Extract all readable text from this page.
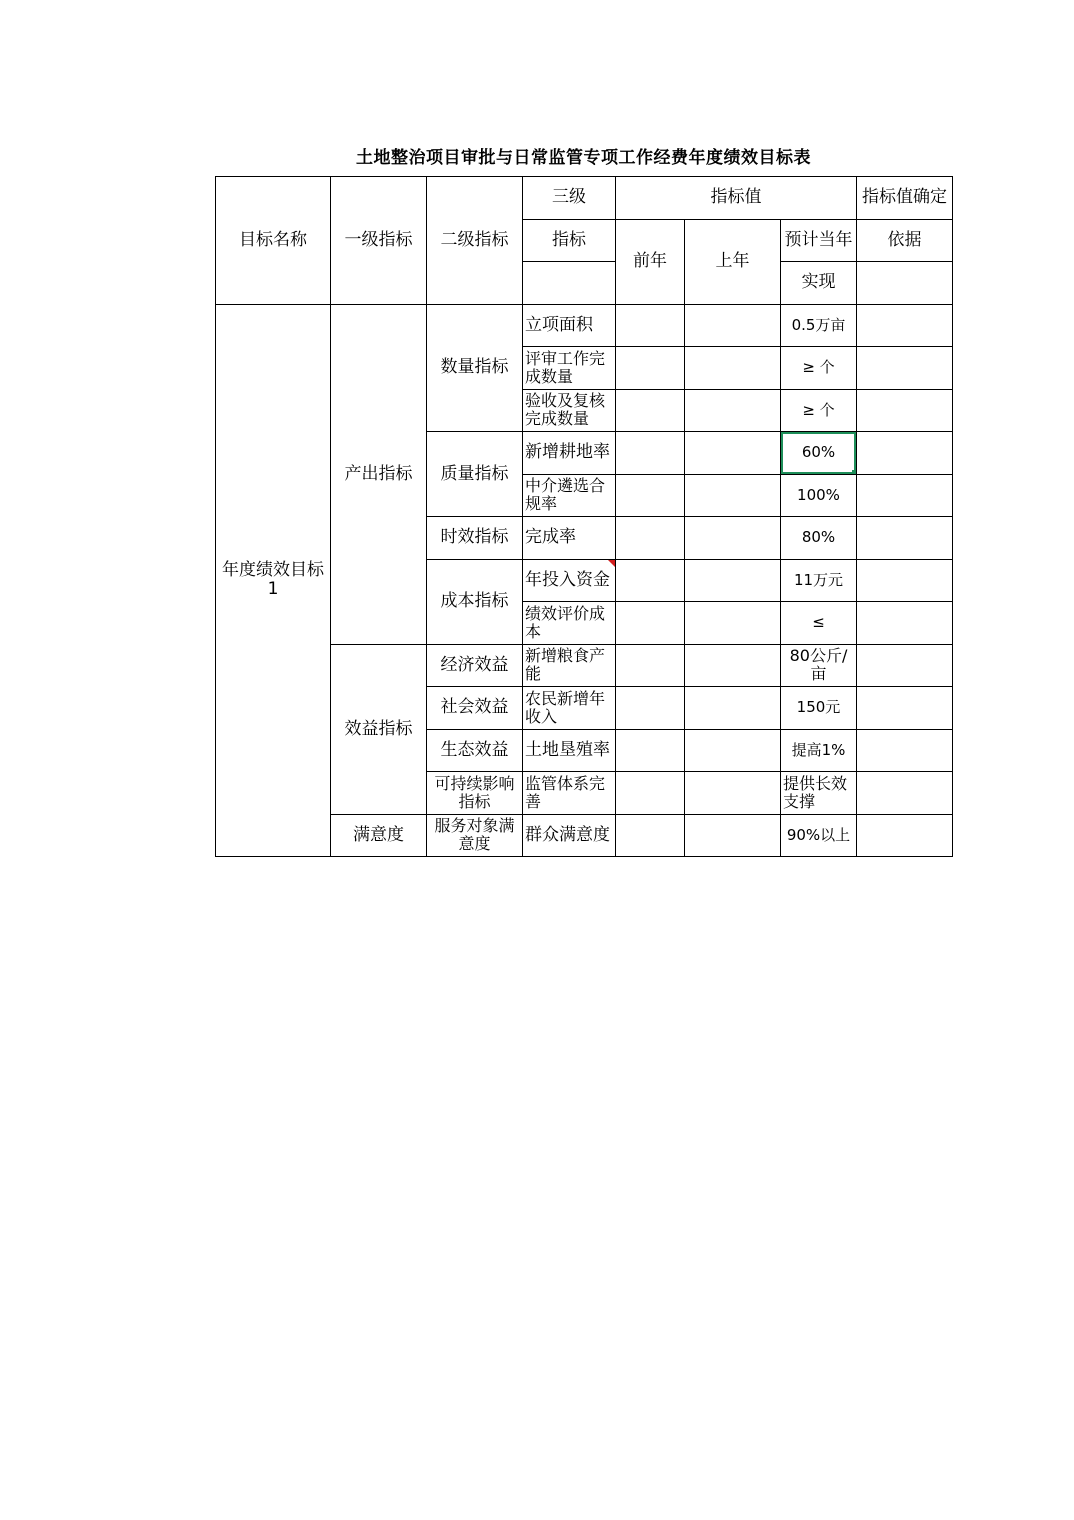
土地整治项目审批与日常监管专项工作经费年度绩效目标表
目标名称	一级指标	二级指标	三级	指标值			指标值确定
			指标	前年	上年	预计当年	依据
						实现	
年度绩效目标1	产出指标	数量指标	立项面积			0.5万亩	
			评审工作完成数量			≥ 个	
			验收及复核完成数量			≥ 个	
		质量指标	新增耕地率			60%

			中介遴选合规率			100%	
		时效指标	完成率			80%	
		成本指标	年投入资金			11万元	
			绩效评价成本			≤	
	效益指标	经济效益	新增粮食产能			80公斤/亩	
		社会效益	农民新增年收入			150元	
		生态效益	土地垦殖率			提高1%	
		可持续影响指标	监管体系完善			提供长效支撑	
	满意度	服务对象满意度	群众满意度			90%以上	
